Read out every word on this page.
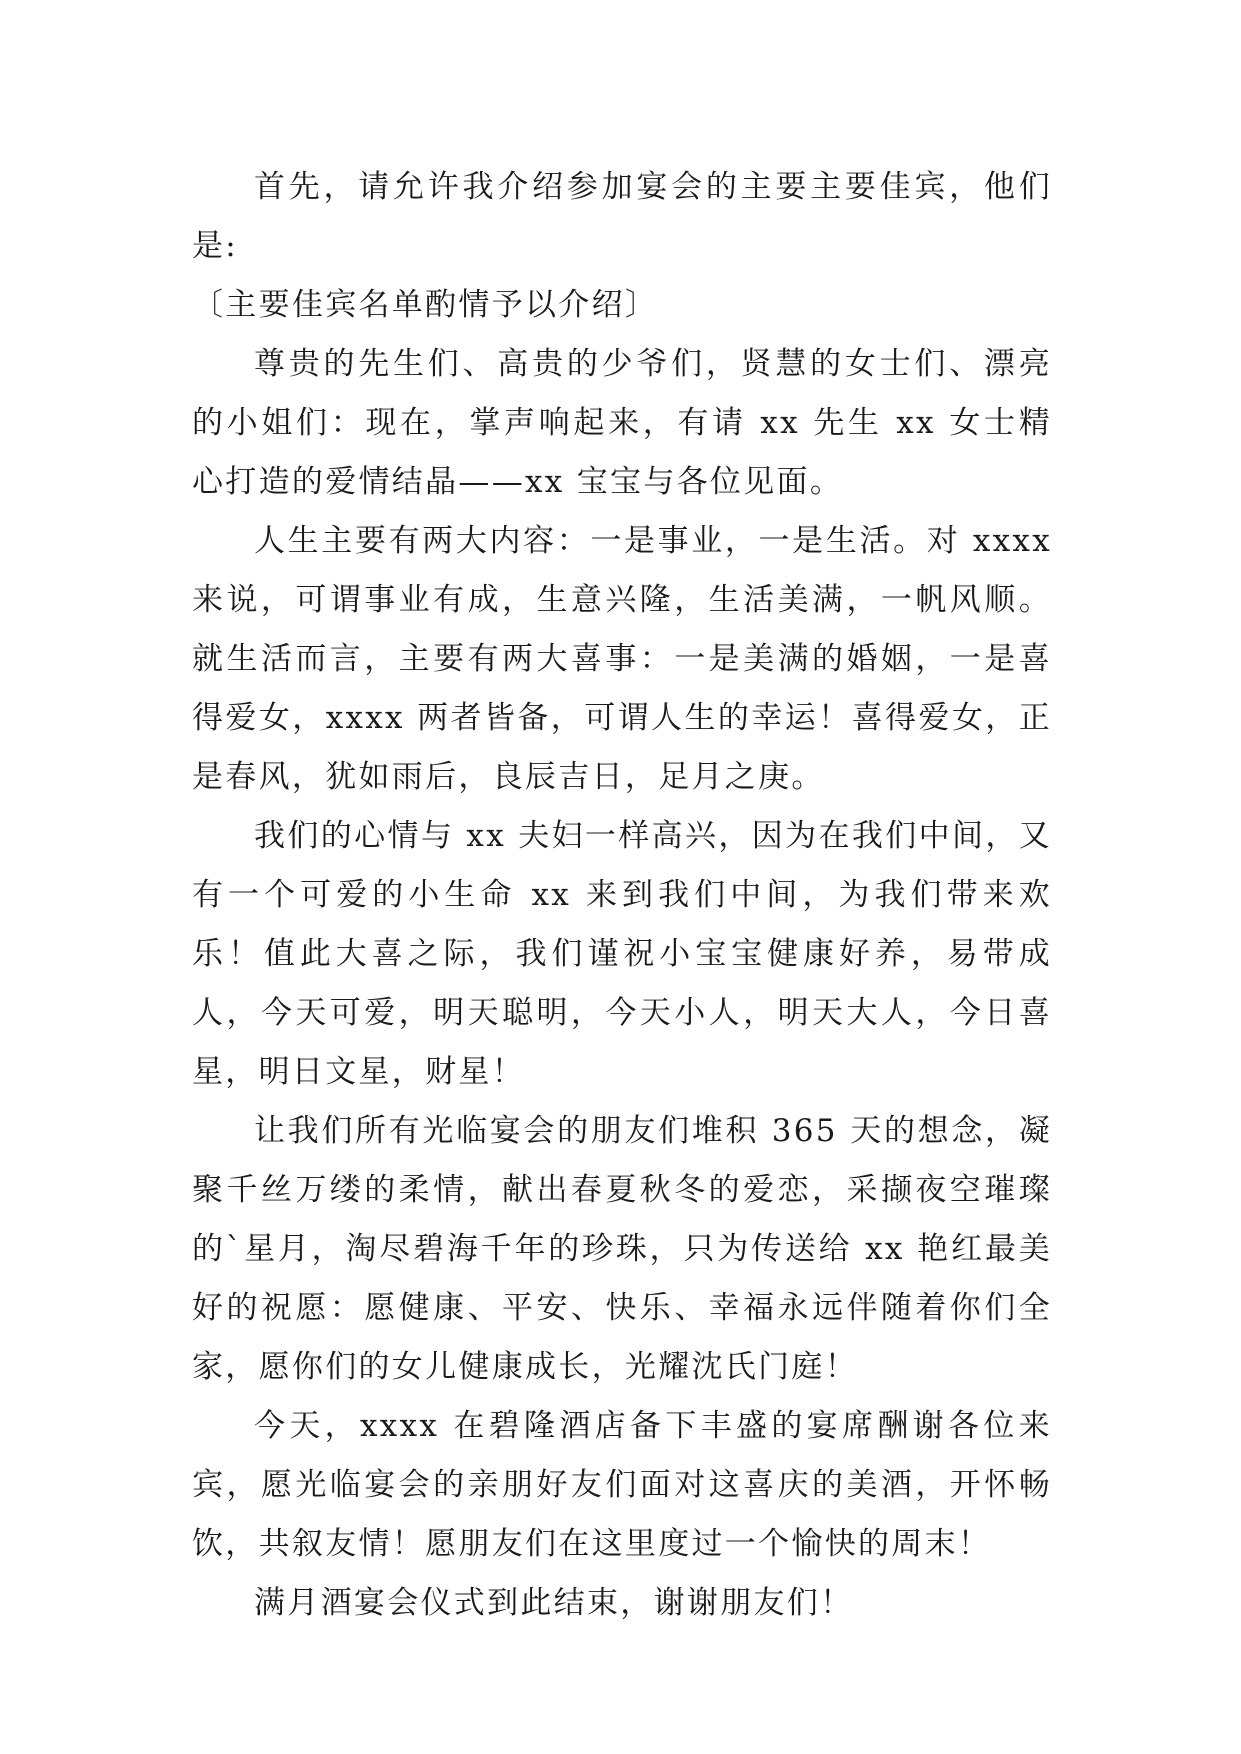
首先，请允许我介绍参加宴会的主要主要佳宾，他们是:

〔主要佳宾名单酌情予以介绍〕

尊贵的先生们、高贵的少爷们，贤慧的女士们、漂亮的小姐们：现在，掌声响起来，有请 xx 先生 xx 女士精心打造的爱情结晶——xx 宝宝与各位见面。

人生主要有两大内容：一是事业，一是生活。对 xxxx 来说，可谓事业有成，生意兴隆，生活美满，一帆风顺。就生活而言，主要有两大喜事：一是美满的婚姻，一是喜得爱女，xxxx 两者皆备，可谓人生的幸运！喜得爱女，正是春风，犹如雨后，良辰吉日，足月之庚。

我们的心情与 xx 夫妇一样高兴，因为在我们中间，又有一个可爱的小生命 xx 来到我们中间，为我们带来欢乐！值此大喜之际，我们谨祝小宝宝健康好养，易带成人，今天可爱，明天聪明，今天小人，明天大人，今日喜星，明日文星，财星！

让我们所有光临宴会的朋友们堆积 365 天的想念，凝聚千丝万缕的柔情，献出春夏秋冬的爱恋，采撷夜空璀璨的`星月，淘尽碧海千年的珍珠，只为传送给 xx 艳红最美好的祝愿：愿健康、平安、快乐、幸福永远伴随着你们全家，愿你们的女儿健康成长，光耀沈氏门庭！

今天，xxxx 在碧隆酒店备下丰盛的宴席酬谢各位来宾，愿光临宴会的亲朋好友们面对这喜庆的美酒，开怀畅饮，共叙友情！愿朋友们在这里度过一个愉快的周末！

满月酒宴会仪式到此结束，谢谢朋友们！
